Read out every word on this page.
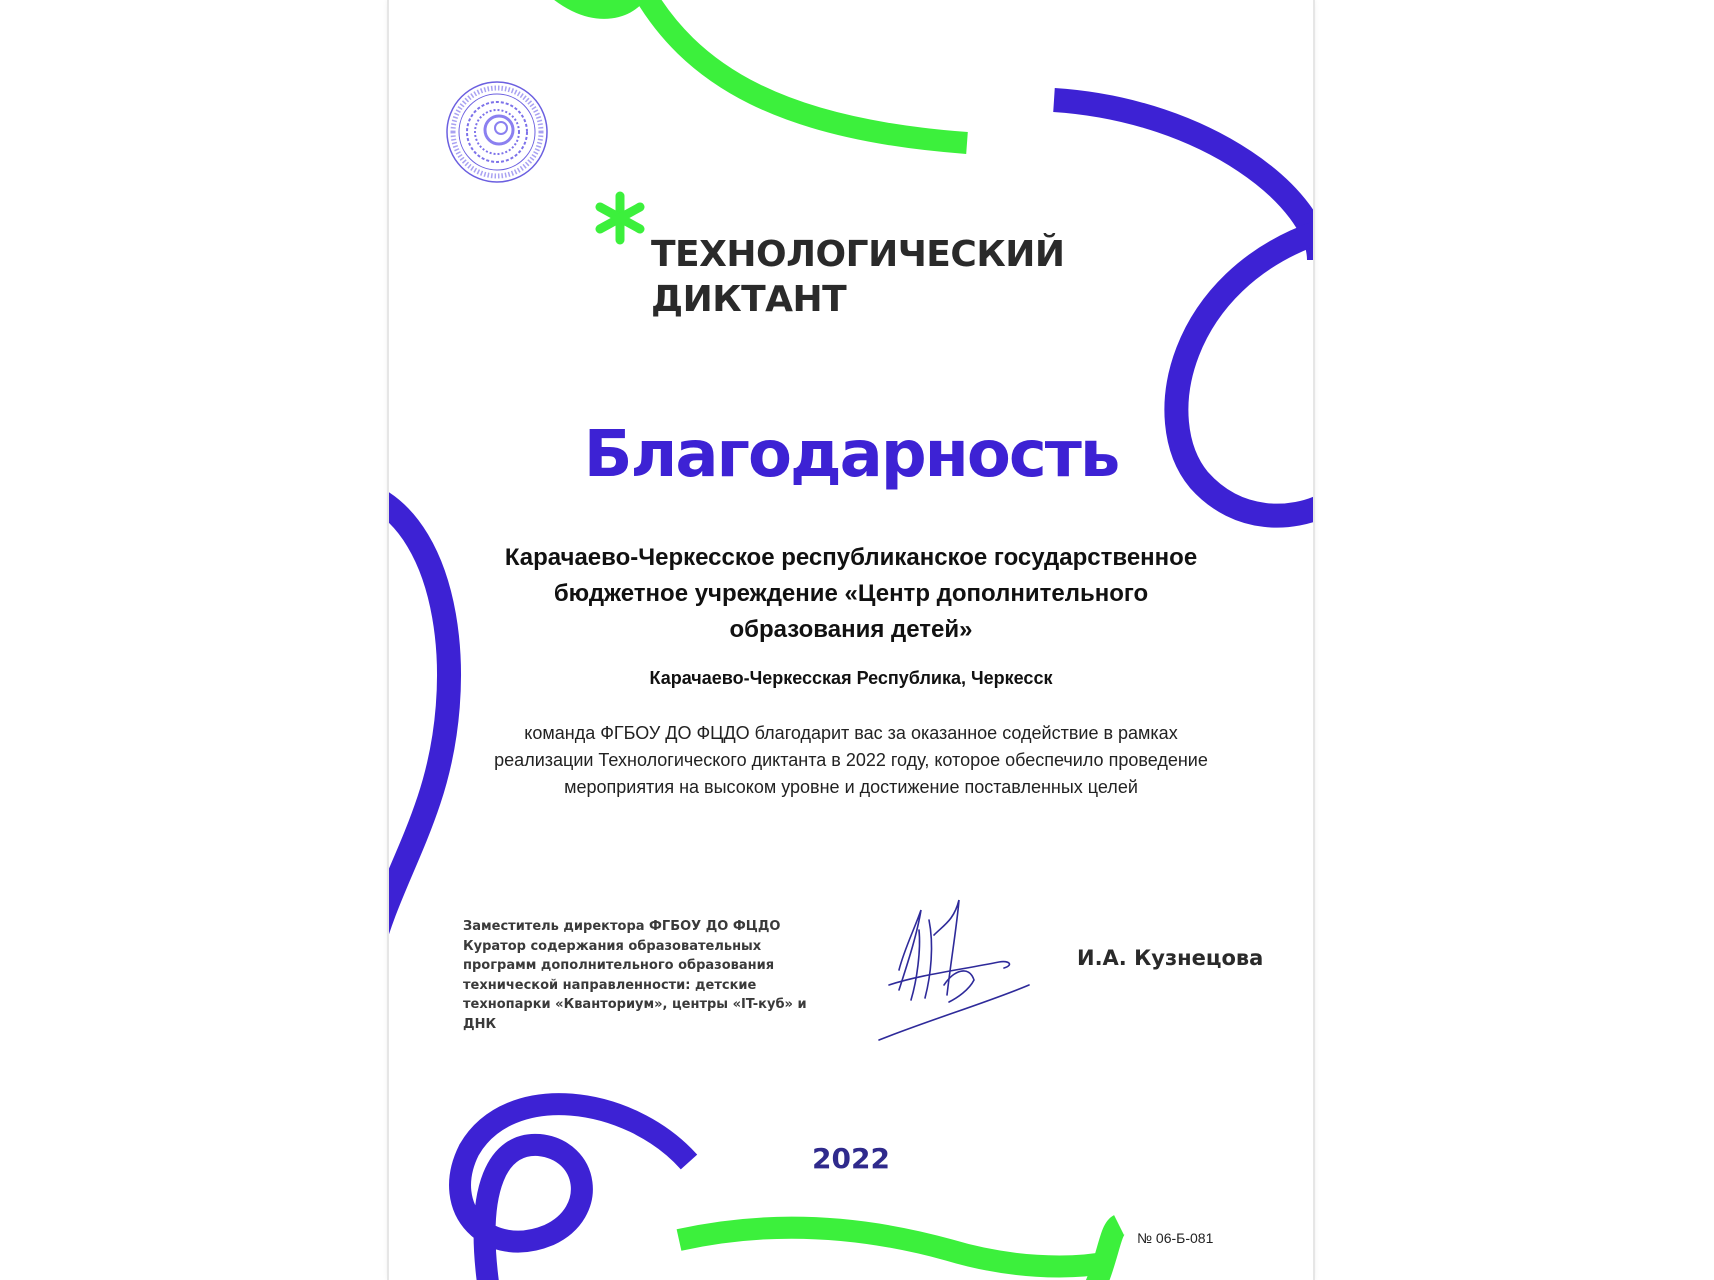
ТЕХНОЛОГИЧЕСКИЙ
ДИКТАНТ
Благодарность
Карачаево-Черкесское республиканское государственное бюджетное учреждение «Центр дополнительного образования детей»
Карачаево-Черкесская Республика, Черкесск
команда ФГБОУ ДО ФЦДО благодарит вас за оказанное содействие в рамках реализации Технологического диктанта в 2022 году, которое обеспечило проведение мероприятия на высоком уровне и достижение поставленных целей
Заместитель директора ФГБОУ ДО ФЦДО Куратор содержания образовательных программ дополнительного образования технической направленности: детские технопарки «Кванториум», центры «IT-куб» и ДНК
И.А. Кузнецова
2022
№ 06-Б-081
